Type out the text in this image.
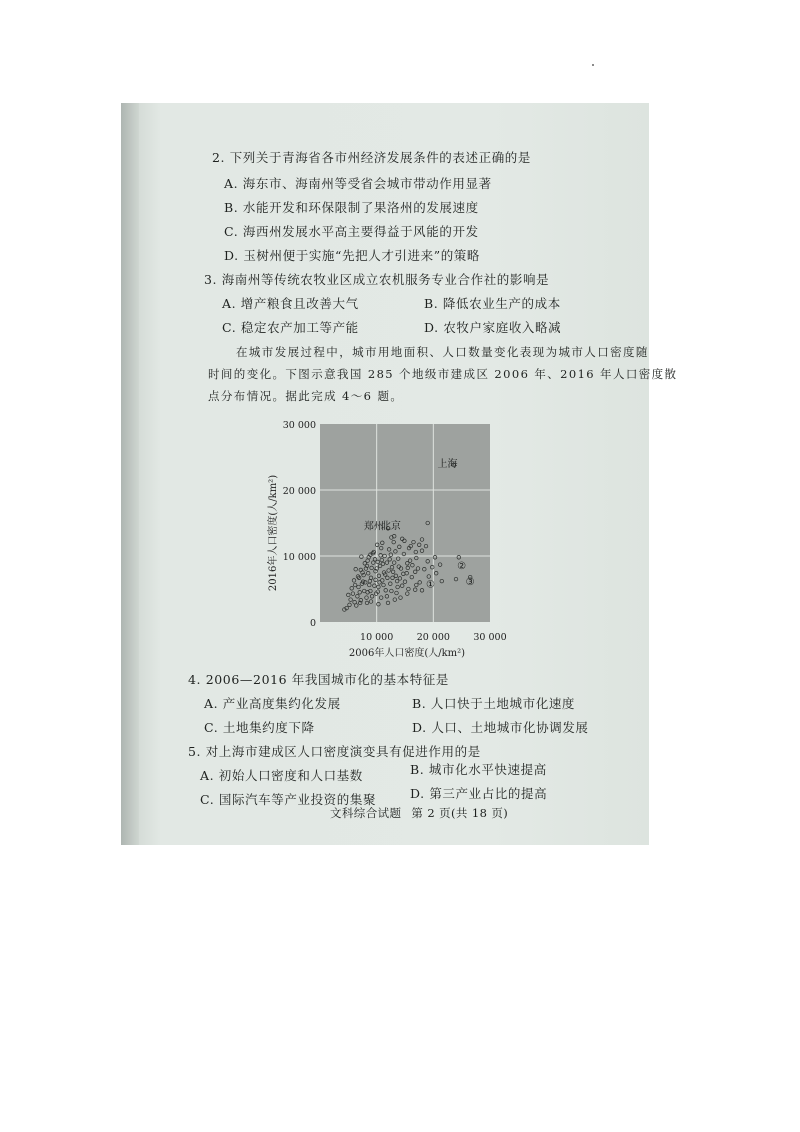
2. 下列关于青海省各市州经济发展条件的表述正确的是
A. 海东市、海南州等受省会城市带动作用显著
B. 水能开发和环保限制了果洛州的发展速度
C. 海西州发展水平高主要得益于风能的开发
D. 玉树州便于实施“先把人才引进来”的策略
3. 海南州等传统农牧业区成立农机服务专业合作社的影响是
A. 增产粮食且改善大气	B. 降低农业生产的成本
C. 稳定农产加工等产能	D. 农牧户家庭收入略减
在城市发展过程中，城市用地面积、人口数量变化表现为城市人口密度随
时间的变化。下图示意我国 285 个地级市建成区 2006 年、2016 年人口密度散
点分布情况。据此完成 4～6 题。
0
10 000
20 000
30 000
10 000 20 000 30 000
2006年人口密度(人/km²)
2016年人口密度(人/km²)
上海
郑州
北京
①
②
③
4. 2006—2016 年我国城市化的基本特征是
A. 产业高度集约化发展	B. 人口快于土地城市化速度
C. 土地集约度下降	D. 人口、土地城市化协调发展
5. 对上海市建成区人口密度演变具有促进作用的是
A. 初始人口密度和人口基数	B. 城市化水平快速提高
C. 国际汽车等产业投资的集聚	D. 第三产业占比的提高
文科综合试题 第 2 页(共 18 页)
